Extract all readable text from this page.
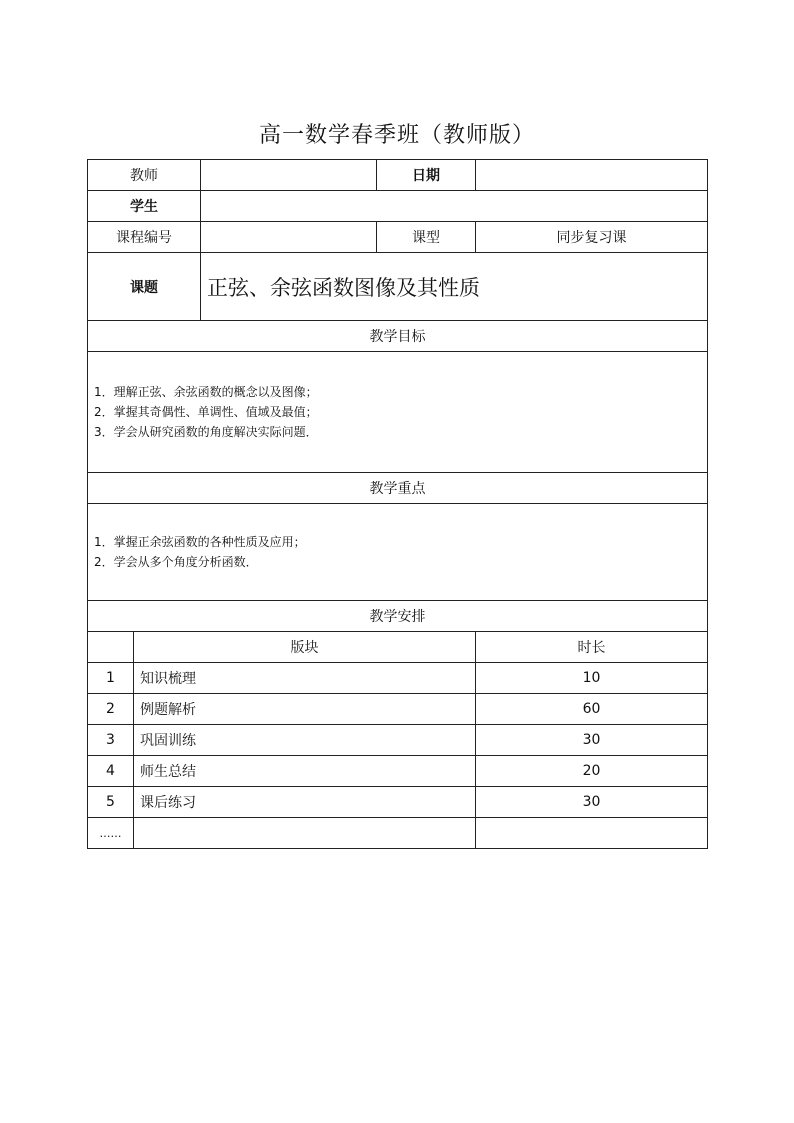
高一数学春季班（教师版）
教师			日期	
学生				
课程编号			课型	同步复习课
课题		正弦、余弦函数图像及其性质		
教学目标				

1．理解正弦、余弦函数的概念以及图像；
2．掌握其奇偶性、单调性、值域及最值；
3．学会从研究函数的角度解决实际问题．				

教学重点				

1．掌握正余弦函数的各种性质及应用；
2．学会从多个角度分析函数．				

教学安排				
	版块			时长
1	知识梳理			10
2	例题解析			60
3	巩固训练			30
4	师生总结			20
5	课后练习			30
……				
